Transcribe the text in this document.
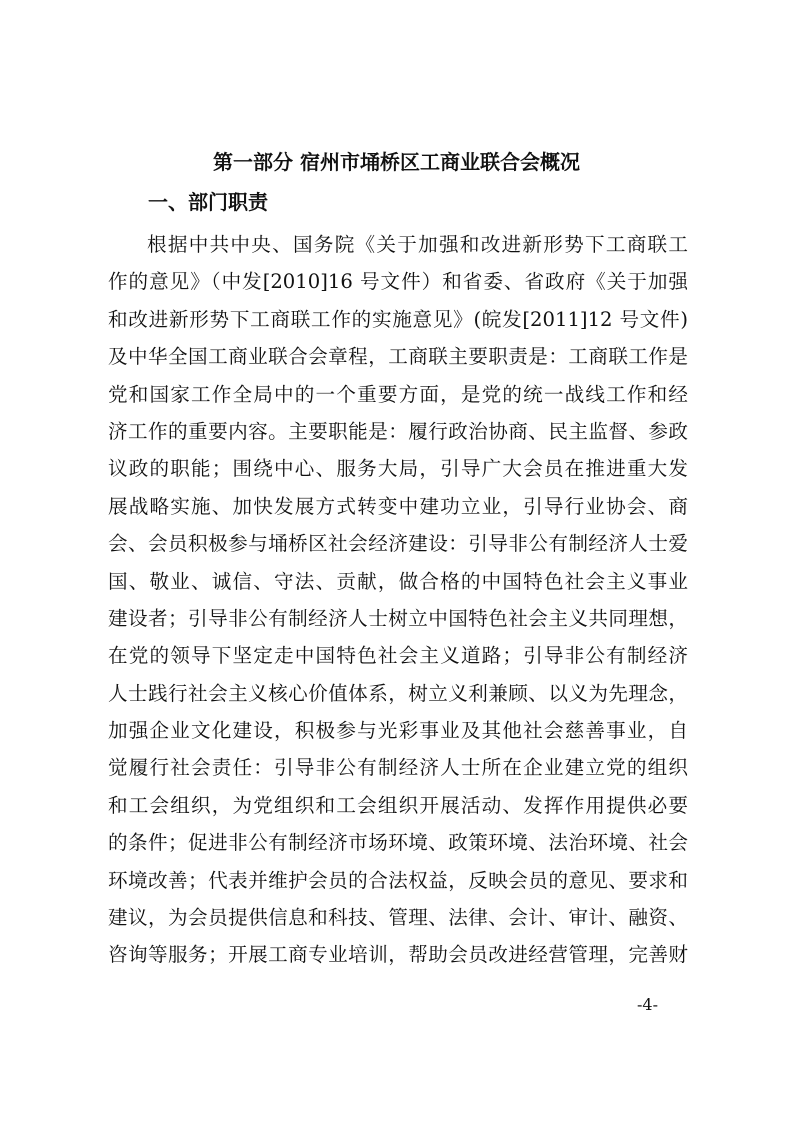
第一部分 宿州市埇桥区工商业联合会概况
一、部门职责
根据中共中央、国务院《关于加强和改进新形势下工商联工
作的意见》（中发[2010]16 号文件）和省委、省政府《关于加强
和改进新形势下工商联工作的实施意见》(皖发[2011]12 号文件)
及中华全国工商业联合会章程，工商联主要职责是：工商联工作是
党和国家工作全局中的一个重要方面，是党的统一战线工作和经
济工作的重要内容。主要职能是：履行政治协商、民主监督、参政
议政的职能；围绕中心、服务大局，引导广大会员在推进重大发
展战略实施、加快发展方式转变中建功立业，引导行业协会、商
会、会员积极参与埇桥区社会经济建设：引导非公有制经济人士爱
国、敬业、诚信、守法、贡献，做合格的中国特色社会主义事业
建设者；引导非公有制经济人士树立中国特色社会主义共同理想，
在党的领导下坚定走中国特色社会主义道路；引导非公有制经济
人士践行社会主义核心价值体系，树立义利兼顾、以义为先理念，
加强企业文化建设，积极参与光彩事业及其他社会慈善事业，自
觉履行社会责任：引导非公有制经济人士所在企业建立党的组织
和工会组织，为党组织和工会组织开展活动、发挥作用提供必要
的条件；促进非公有制经济市场环境、政策环境、法治环境、社会
环境改善；代表并维护会员的合法权益，反映会员的意见、要求和
建议，为会员提供信息和科技、管理、法律、会计、审计、融资、
咨询等服务；开展工商专业培训，帮助会员改进经营管理，完善财
-4-
